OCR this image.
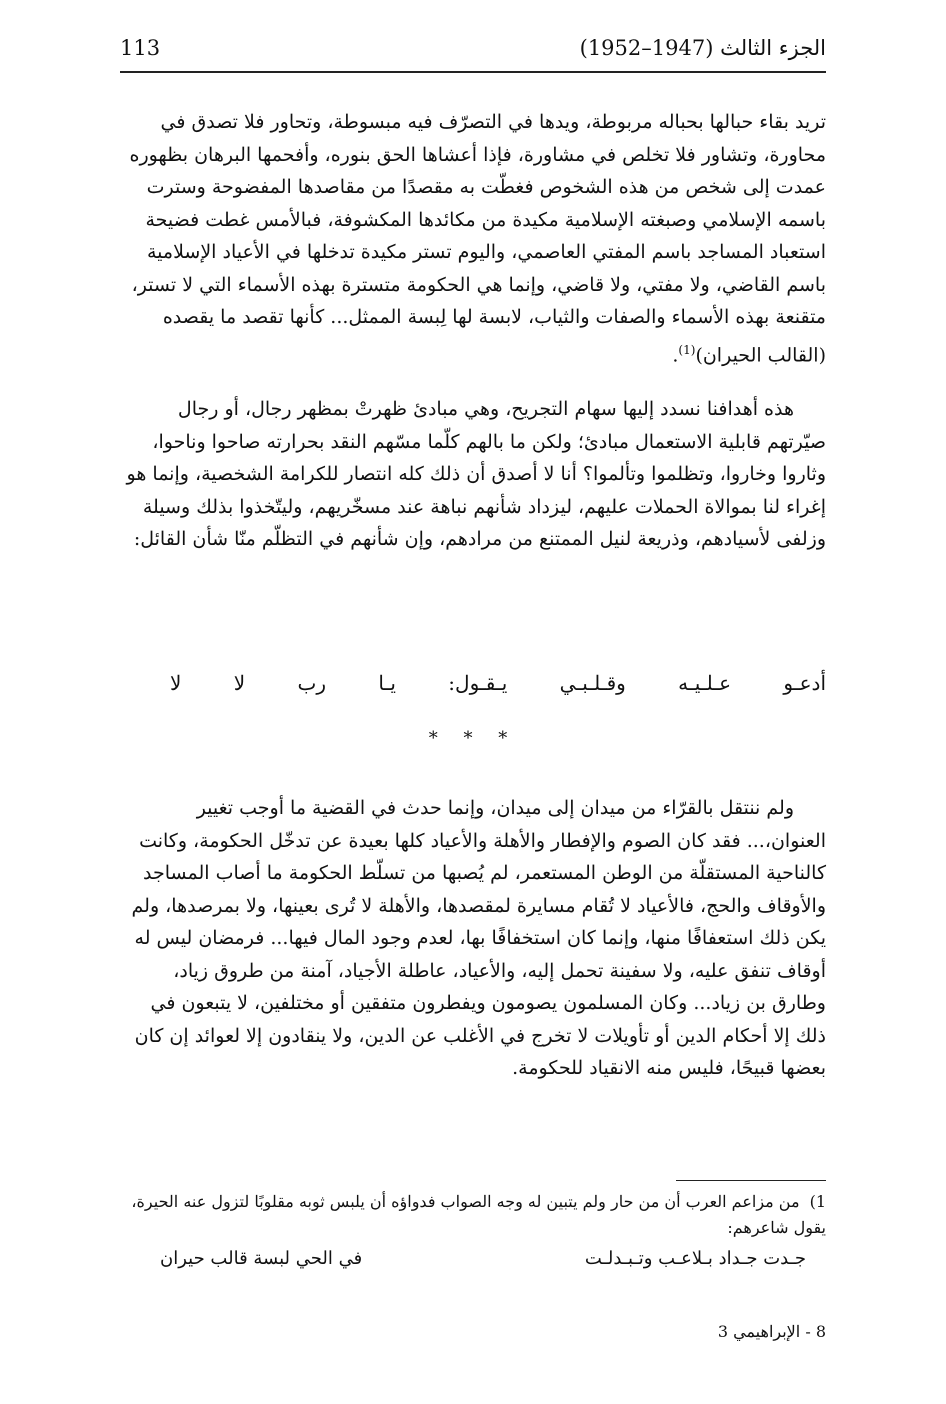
113	الجزء الثالث (1947–1952)

تريد بقاء حبالها بحباله مربوطة، ويدها في التصرّف فيه مبسوطة، وتحاور فلا تصدق في محاورة، وتشاور فلا تخلص في مشاورة، فإذا أعشاها الحق بنوره، وأفحمها البرهان بظهوره عمدت إلى شخص من هذه الشخوص فغطّت به مقصدًا من مقاصدها المفضوحة وسترت باسمه الإسلامي وصبغته الإسلامية مكيدة من مكائدها المكشوفة، فبالأمس غطت فضيحة استعباد المساجد باسم المفتي العاصمي، واليوم تستر مكيدة تدخلها في الأعياد الإسلامية باسم القاضي، ولا مفتي، ولا قاضي، وإنما هي الحكومة متسترة بهذه الأسماء التي لا تستر، متقنعة بهذه الأسماء والصفات والثياب، لابسة لها لِبسة الممثل... كأنها تقصد ما يقصده (القالب الحيران)$^{(1)}$.

هذه أهدافنا نسدد إليها سهام التجريح، وهي مبادئ ظهرتْ بمظهر رجال، أو رجال صيّرتهم قابلية الاستعمال مبادئ؛ ولكن ما بالهم كلّما مسّهم النقد بحرارته صاحوا وناحوا، وثاروا وخاروا، وتظلموا وتألموا؟ أنا لا أصدق أن ذلك كله انتصار للكرامة الشخصية، وإنما هو إغراء لنا بموالاة الحملات عليهم، ليزداد شأنهم نباهة عند مسخّريهم، وليتّخذوا بذلك وسيلة وزلفى لأسيادهم، وذريعة لنيل الممتنع من مرادهم، وإن شأنهم في التظلّم منّا شأن القائل:

أدعـو
عـلـيـه
وقـلـبـي
يـقـول:
يـا
رب
لا
لا
* * *

ولم ننتقل بالقرّاء من ميدان إلى ميدان، وإنما حدث في القضية ما أوجب تغيير العنوان،... فقد كان الصوم والإفطار والأهلة والأعياد كلها بعيدة عن تدخّل الحكومة، وكانت كالناحية المستقلّة من الوطن المستعمر، لم يُصبها من تسلّط الحكومة ما أصاب المساجد والأوقاف والحج، فالأعياد لا تُقام مسايرة لمقصدها، والأهلة لا تُرى بعينها، ولا بمرصدها، ولم يكن ذلك استعفافًا منها، وإنما كان استخفافًا بها، لعدم وجود المال فيها... فرمضان ليس له أوقاف تنفق عليه، ولا سفينة تحمل إليه، والأعياد، عاطلة الأجياد، آمنة من طروق زياد، وطارق بن زياد... وكان المسلمون يصومون ويفطرون متفقين أو مختلفين، لا يتبعون في ذلك إلا أحكام الدين أو تأويلات لا تخرج في الأغلب عن الدين، ولا ينقادون إلا لعوائد إن كان بعضها قبيحًا، فليس منه الانقياد للحكومة.

1)من مزاعم العرب أن من حار ولم يتبين له وجه الصواب فدواؤه أن يلبس ثوبه مقلوبًا لتزول عنه الحيرة، يقول شاعرهم:
جـدت جـداد بـلاعـب وتـبـدلـت
في الحي لبسة قالب حيران
8 - الإبراهيمي 3
